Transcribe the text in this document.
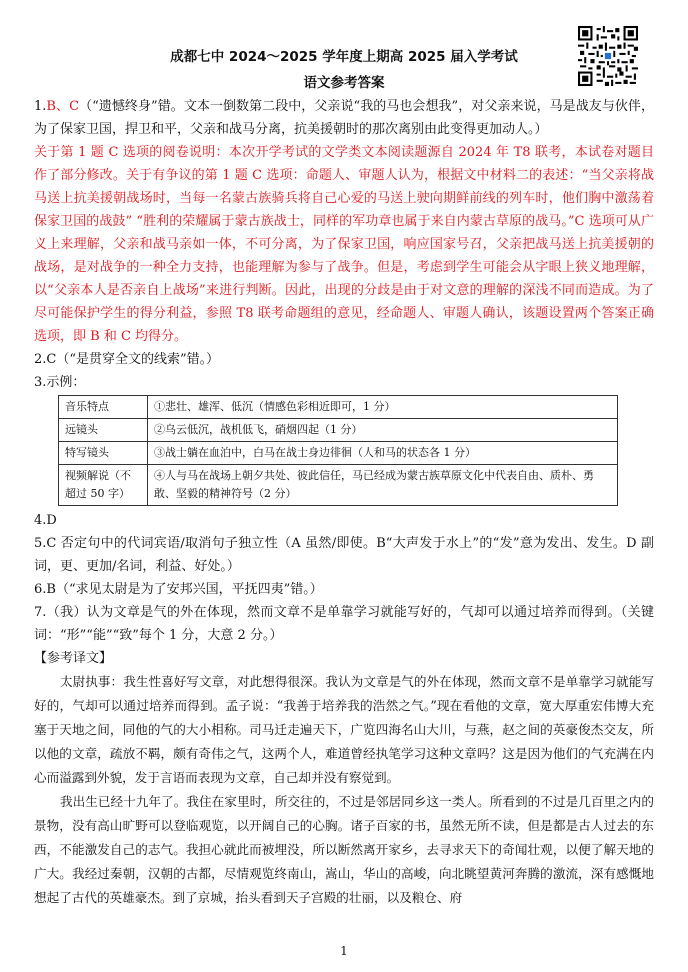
成都七中 2024～2025 学年度上期高 2025 届入学考试
语文参考答案

1.B、C（“遗憾终身”错。文本一倒数第二段中，父亲说“我的马也会想我”，对父亲来说，马是战友与伙伴，为了保家卫国，捍卫和平，父亲和战马分离，抗美援朝时的那次离别由此变得更加动人。）

关于第 1 题 C 选项的阅卷说明：本次开学考试的文学类文本阅读题源自 2024 年 T8 联考，本试卷对题目作了部分修改。关于有争议的第 1 题 C 选项：命题人、审题人认为，根据文中材料二的表述：“当父亲将战马送上抗美援朝战场时，当每一名蒙古族骑兵将自己心爱的马送上驶向期鲜前线的列车时，他们胸中激荡着保家卫国的战鼓” “胜利的荣耀属于蒙古族战士，同样的军功章也属于来自内蒙古草原的战马。”C 选项可从广义上来理解，父亲和战马亲如一体，不可分离，为了保家卫国，响应国家号召，父亲把战马送上抗美援朝的战场，是对战争的一种全力支持，也能理解为参与了战争。但是，考虑到学生可能会从字眼上狭义地理解，以“父亲本人是否亲自上战场”来进行判断。因此，出现的分歧是由于对文意的理解的深浅不同而造成。为了尽可能保护学生的得分利益，参照 T8 联考命题组的意见，经命题人、审题人确认，该题设置两个答案正确选项，即 B 和 C 均得分。

2.C（“是贯穿全文的线索”错。）

3.示例：

音乐特点	①悲壮、雄浑、低沉（情感色彩相近即可，1 分）
远镜头	②乌云低沉，战机低飞，硝烟四起（1 分）
特写镜头	③战士躺在血泊中，白马在战士身边徘徊（人和马的状态各 1 分）
视频解说（不超过 50 字）	④人与马在战场上朝夕共处、彼此信任，马已经成为蒙古族草原文化中代表自由、质朴、勇敢、坚毅的精神符号（2 分）

4.D

5.C 否定句中的代词宾语/取消句子独立性（A 虽然/即使。B“大声发于水上”的“发”意为发出、发生。D 副词，更、更加/名词，利益、好处。）

6.B（“求见太尉是为了安邦兴国，平抚四夷”错。）

7.（我）认为文章是气的外在体现，然而文章不是单靠学习就能写好的，气却可以通过培养而得到。（关键词：“形”“能”“致”每个 1 分，大意 2 分。）

【参考译文】

太尉执事：我生性喜好写文章，对此想得很深。我认为文章是气的外在体现，然而文章不是单靠学习就能写好的，气却可以通过培养而得到。孟子说：“我善于培养我的浩然之气。”现在看他的文章，宽大厚重宏伟博大充塞于天地之间，同他的气的大小相称。司马迁走遍天下，广览四海名山大川，与燕，赵之间的英豪俊杰交友，所以他的文章，疏放不羁，颇有奇伟之气，这两个人，难道曾经执笔学习这种文章吗？这是因为他们的气充满在内心而溢露到外貌，发于言语而表现为文章，自己却并没有察觉到。

我出生已经十九年了。我住在家里时，所交往的，不过是邻居同乡这一类人。所看到的不过是几百里之内的景物，没有高山旷野可以登临观览，以开阔自己的心胸。诸子百家的书，虽然无所不读，但是都是古人过去的东西，不能激发自己的志气。我担心就此而被埋没，所以断然离开家乡，去寻求天下的奇闻壮观，以便了解天地的广大。我经过秦朝，汉朝的古都，尽情观览终南山，嵩山，华山的高峻，向北眺望黄河奔腾的激流，深有感慨地想起了古代的英雄豪杰。到了京城，抬头看到天子宫殿的壮丽，以及粮仓、府

1
